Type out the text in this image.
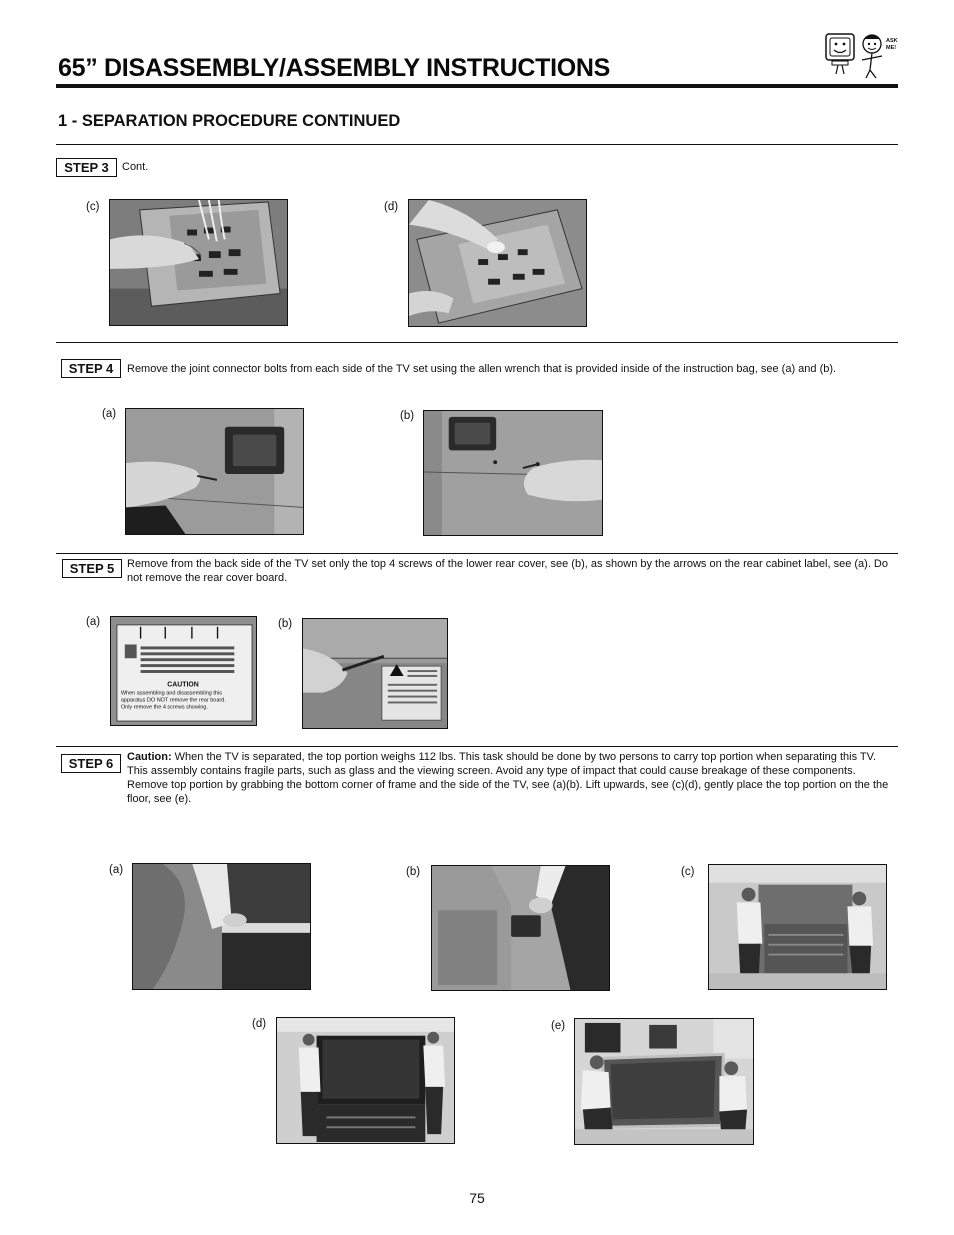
65” DISASSEMBLY/ASSEMBLY INSTRUCTIONS
ASK
ME!
1 - SEPARATION PROCEDURE CONTINUED
STEP 3 Cont.
(c)	(d)
STEP 4 Remove the joint connector bolts from each side of the TV set using the allen wrench that is provided inside of the instruction bag, see (a) and (b).
(a)	(b)
STEP 5 Remove from the back side of the TV set only the top 4 screws of the lower rear cover, see (b), as shown by the arrows on the rear cabinet label, see (a). Do not remove the rear cover board.
(a)
CAUTION
When assembling and disassembling this
apparatus DO NOT remove the rear board.
Only remove the 4 screws showing.
(b)
STEP 6 Caution: When the TV is separated, the top portion weighs 112 lbs. This task should be done by two persons to carry top portion when separating this TV. This assembly contains fragile parts, such as glass and the viewing screen. Avoid any type of impact that could cause breakage of these components. Remove top portion by grabbing the bottom corner of frame and the side of the TV, see (a)(b). Lift upwards, see (c)(d), gently place the top portion on the the floor, see (e).
(a)	(b)	(c)
(d)	(e)
75
